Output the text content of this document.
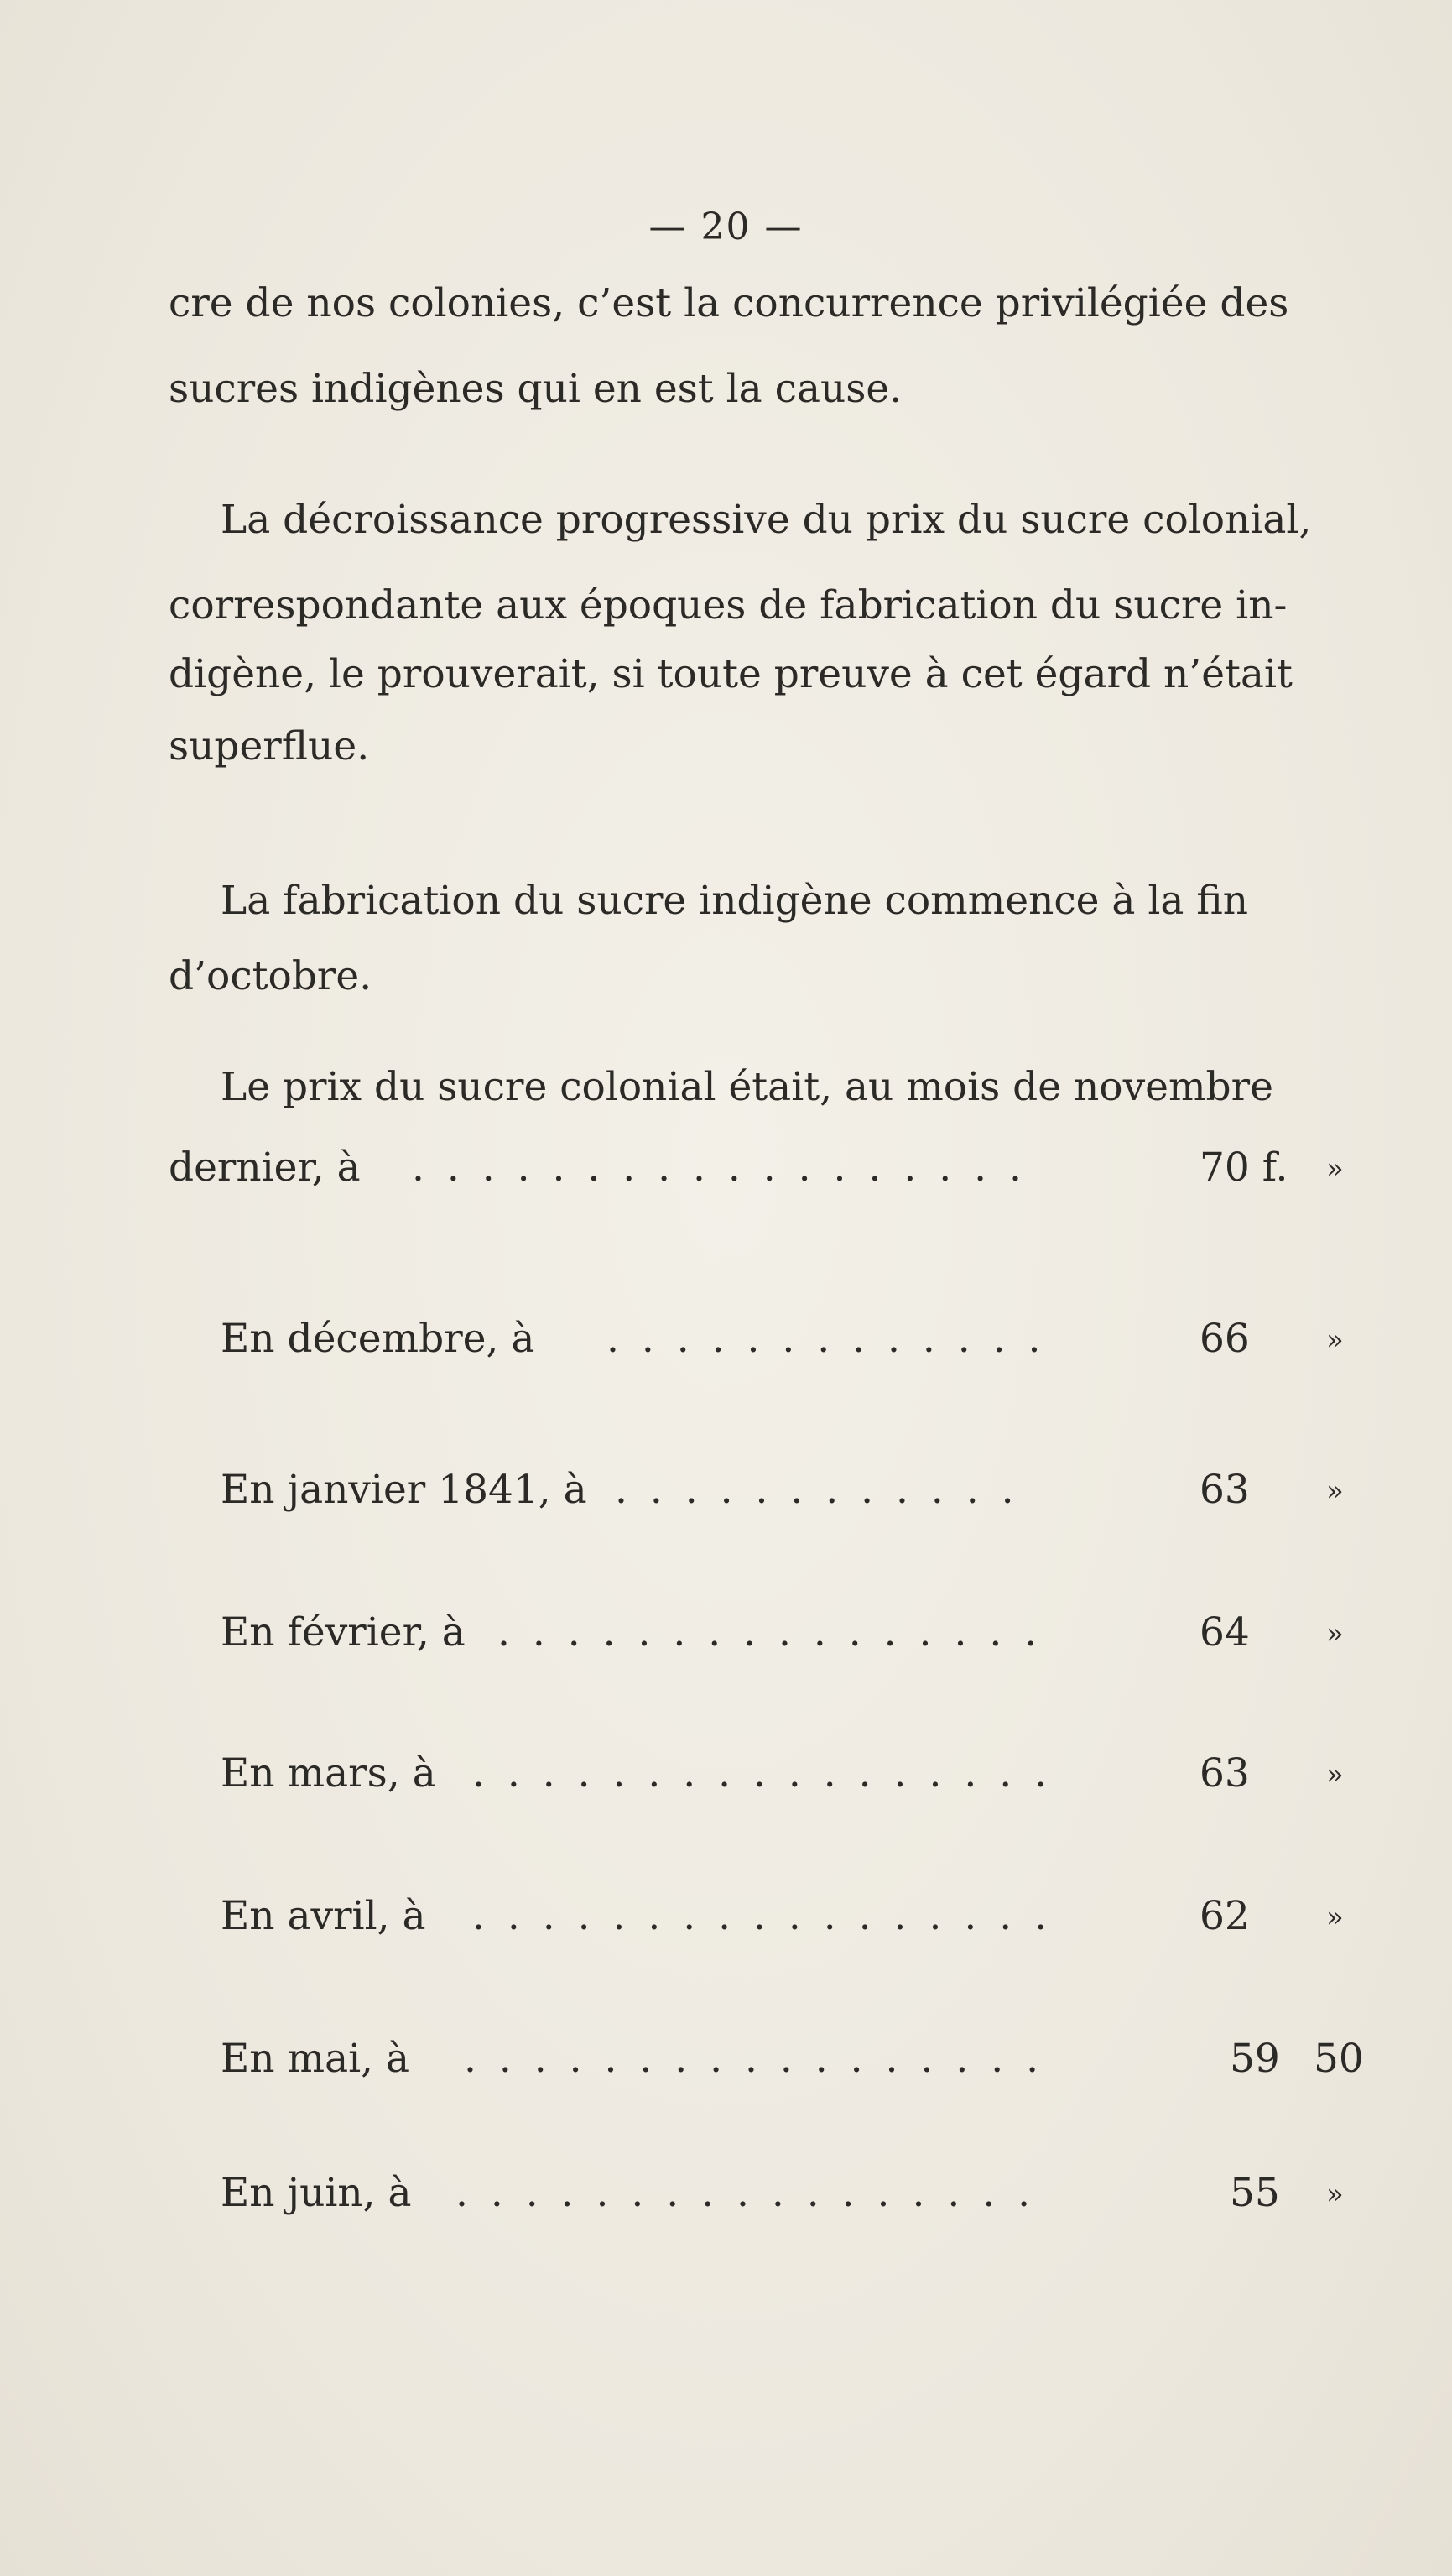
— 20 —
cre de nos colonies, c’est la concurrence privilégiée des
sucres indigènes qui en est la cause.
La décroissance progressive du prix du sucre colonial,
correspondante aux époques de fabrication du sucre in-
digène, le prouverait, si toute preuve à cet égard n’était
superflue.
La fabrication du sucre indigène commence à la fin
d’octobre.
Le prix du sucre colonial était, au mois de novembre
dernier, à . . . . . . . . . . . . . . . . . .	70 f. »
En décembre, à . . . . . . . . . . . . .	66	»
En janvier 1841, à . . . . . . . . . . . .	63	»
En février, à . . . . . . . . . . . . . . . .	64	»
En mars, à . . . . . . . . . . . . . . . . .	63	»
En avril, à . . . . . . . . . . . . . . . . .	62	»
En mai, à . . . . . . . . . . . . . . . . .	59 50
En juin, à . . . . . . . . . . . . . . . . .	55 »
